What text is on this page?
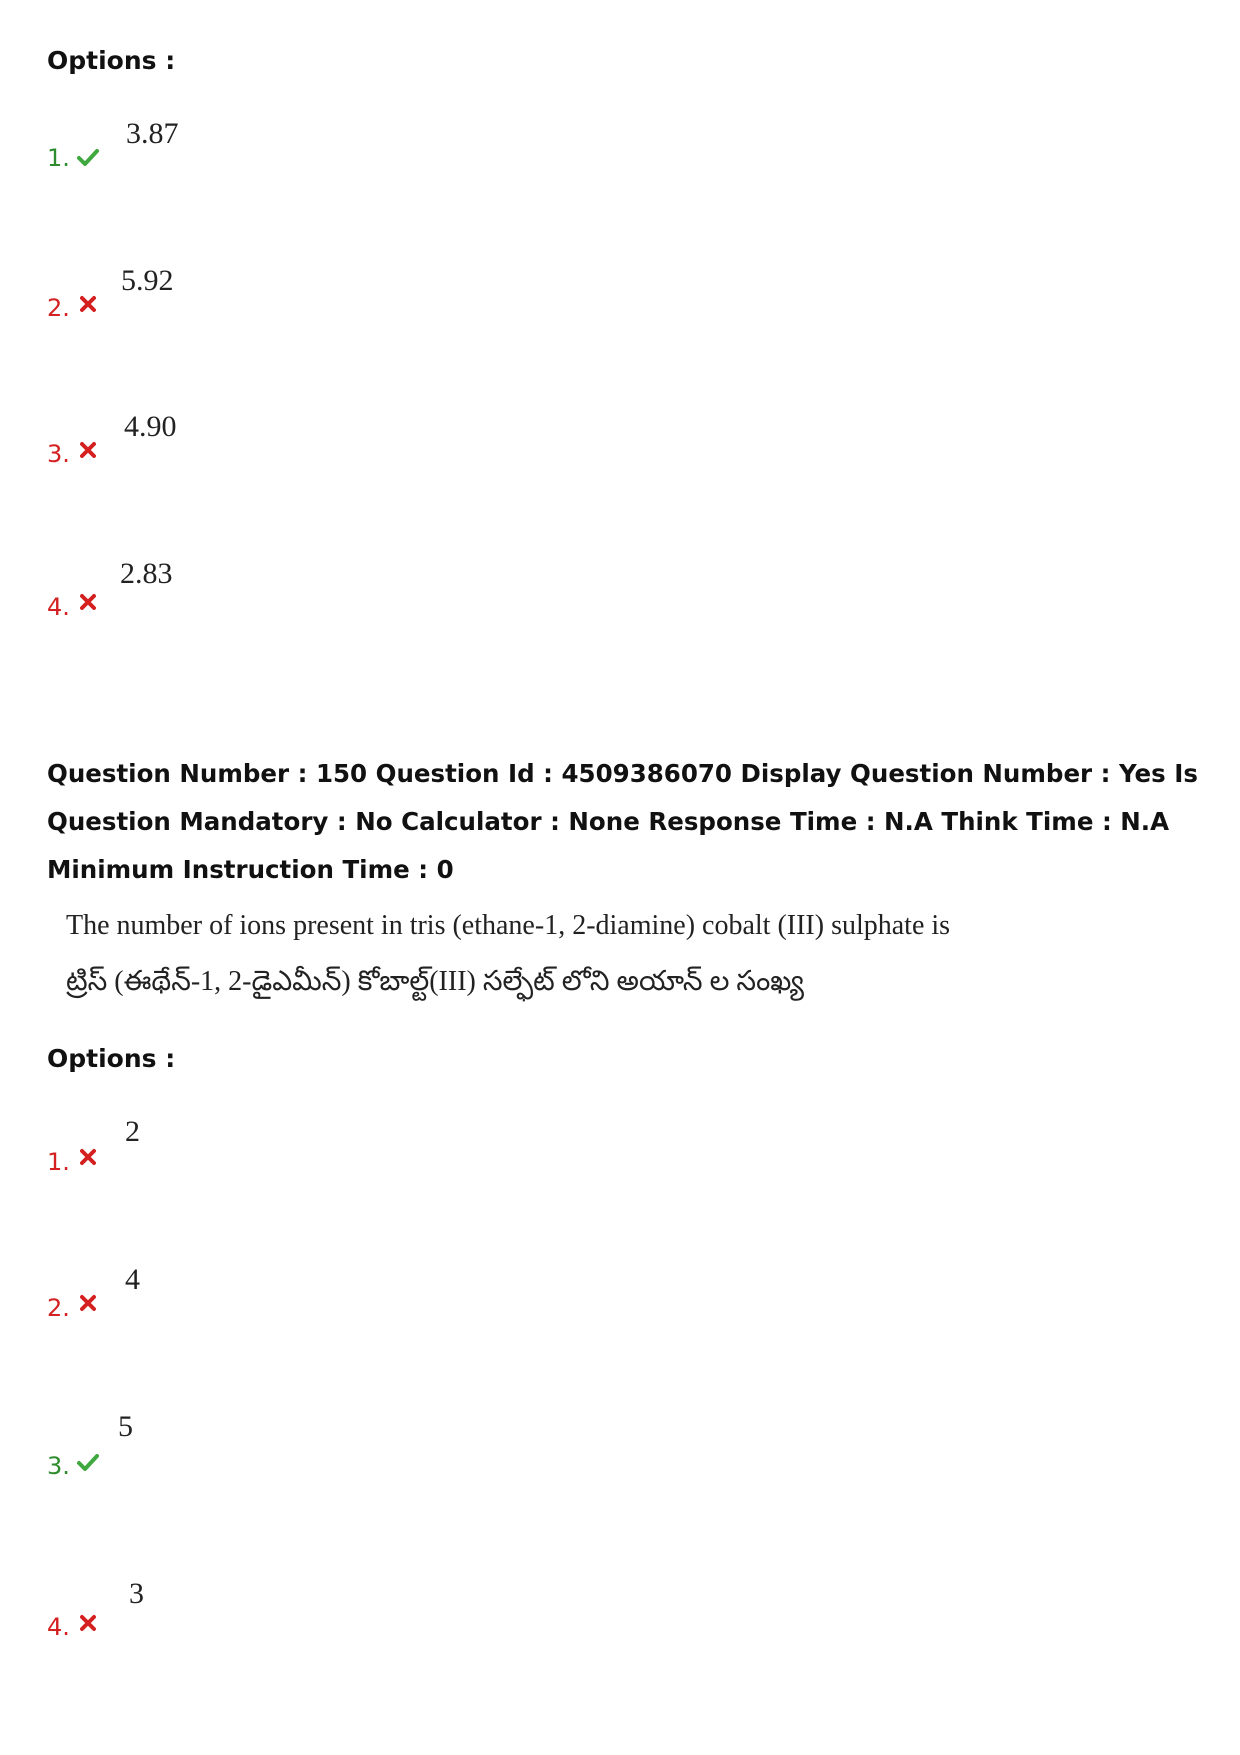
Options :
1.
3.87
2.
5.92
3.
4.90
4.
2.83
Question Number : 150 Question Id : 4509386070 Display Question Number : Yes Is Question Mandatory : No Calculator : None Response Time : N.A Think Time : N.A Minimum Instruction Time : 0
The number of ions present in tris (ethane-1, 2-diamine) cobalt (III) sulphate is
ట్రిస్ (ఈథేన్-1, 2-డైఎమీన్) కోబాల్ట్(III) సల్ఫేట్ లోని అయాన్ ల సంఖ్య
Options :
1.
2
2.
4
3.
5
4.
3
